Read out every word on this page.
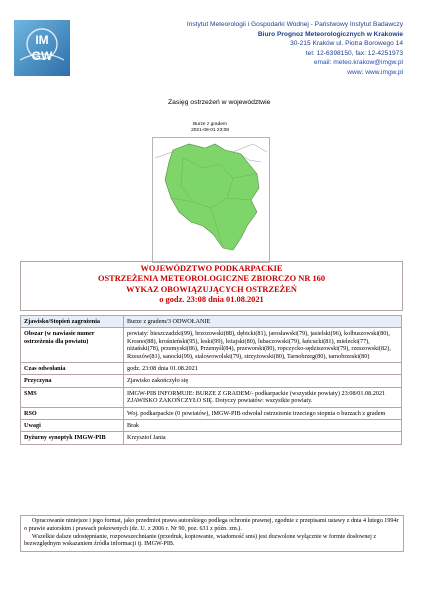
IM
GW
Instytut Meteorologii i Gospodarki Wodnej - Państwowy Instytut Badawczy
Biuro Prognoz Meteorologicznych w Krakowie
30-215 Kraków ul. Piotra Borowego 14
tel: 12-6398150, fax: 12-4251973
email: meteo.krakow@imgw.pl
www: www.imgw.pl
Zasięg ostrzeżeń w województwie
Burze z gradem
2021-08-01 23:08
WOJEWÓDZTWO PODKARPACKIE
OSTRZEŻENIA METEOROLOGICZNE ZBIORCZO NR 160
WYKAZ OBOWIĄZUJĄCYCH OSTRZEŻEŃ
o godz. 23:08 dnia 01.08.2021
Zjawisko/Stopień zagrożenia	Burze z gradem/3 ODWOŁANIE
Obszar (w nawiasie numer ostrzeżenia dla powiatu)	powiaty: bieszczadzki(99), brzozowski(88), dębicki(81), jarosławski(79), jasielski(96), kolbuszowski(80), Krosno(88), krośnieński(95), leski(99), leżajski(80), lubaczowski(79), łańcucki(81), mielecki(77), niżański(78), przemyski(86), Przemyśl(84), przeworski(80), ropczycko-sędziszowski(79), rzeszowski(82), Rzeszów(81), sanocki(99), stalowowolski(79), strzyżowski(80), Tarnobrzeg(80), tarnobrzeski(80)
Czas odwołania	godz. 23:08 dnia 01.08.2021
Przyczyna	Zjawisko zakończyło się
SMS	IMGW-PIB INFORMUJE: BURZE Z GRADEM/- podkarpackie (wszystkie powiaty) 23:08/01.08.2021 ZJAWISKO ZAKOŃCZYŁO SIĘ. Dotyczy powiatów: wszystkie powiaty.
RSO	Woj. podkarpackie (0 powiatów), IMGW-PIB odwołał ostrzeżenie trzeciego stopnia o burzach z gradem
Uwagi	Brak
Dyżurny synoptyk IMGW-PIB	Krzysztof Jania
Opracowanie niniejsze i jego format, jako przedmiot prawa autorskiego podlega ochronie prawnej, zgodnie z przepisami ustawy z dnia 4 lutego 1994r o prawie autorskim i prawach pokrewnych (dz. U. z 2006 r. Nr 90, poz. 631 z późn. zm.).
Wszelkie dalsze udostępnianie, rozpowszechnianie (przedruk, kopiowanie, wiadomość sms) jest dozwolone wyłącznie w formie dosłownej z bezwzględnym wskazaniem źródła informacji tj. IMGW-PIB.
